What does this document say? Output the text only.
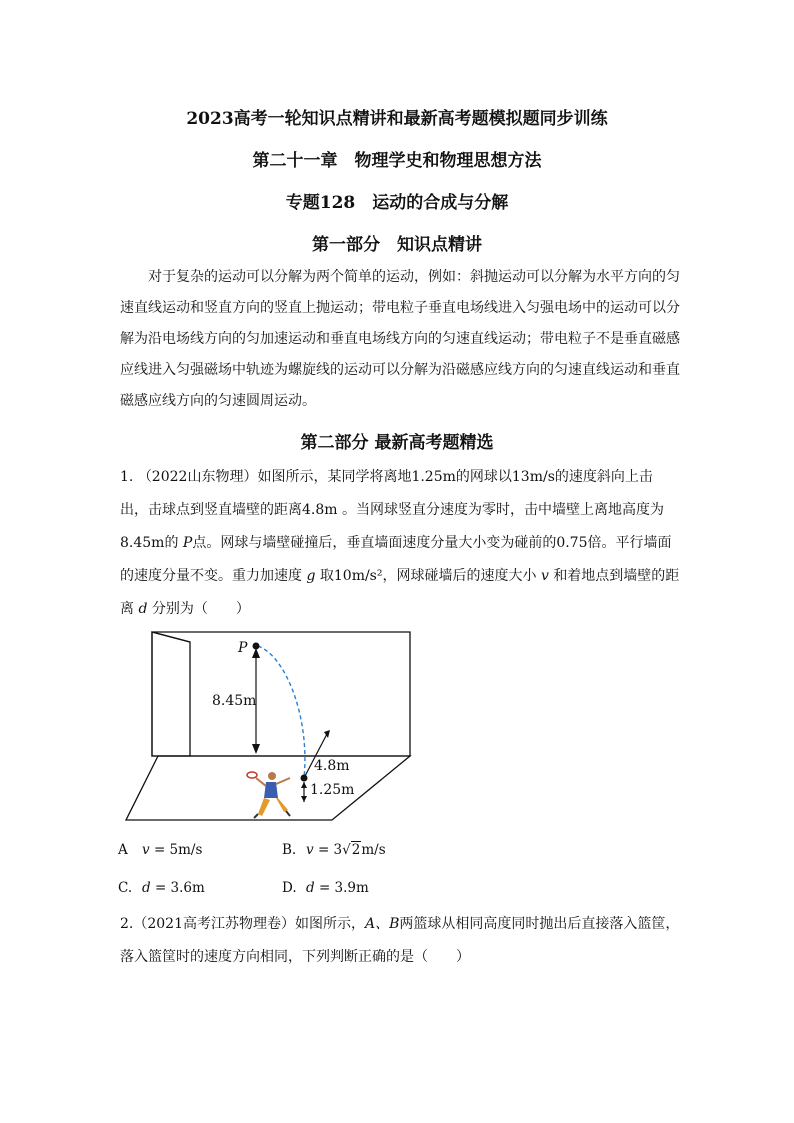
2023高考一轮知识点精讲和最新高考题模拟题同步训练
第二十一章　物理学史和物理思想方法
专题128　运动的合成与分解
第一部分　知识点精讲
对于复杂的运动可以分解为两个简单的运动，例如：斜抛运动可以分解为水平方向的匀速直线运动和竖直方向的竖直上抛运动；带电粒子垂直电场线进入匀强电场中的运动可以分解为沿电场线方向的匀加速运动和垂直电场线方向的匀速直线运动；带电粒子不是垂直磁感应线进入匀强磁场中轨迹为螺旋线的运动可以分解为沿磁感应线方向的匀速直线运动和垂直磁感应线方向的匀速圆周运动。
第二部分 最新高考题精选
1. （2022山东物理）如图所示，某同学将离地1.25m的网球以13m/s的速度斜向上击出，击球点到竖直墙壁的距离4.8m 。当网球竖直分速度为零时，击中墙壁上离地高度为8.45m的 P点。网球与墙壁碰撞后，垂直墙面速度分量大小变为碰前的0.75倍。平行墙面的速度分量不变。重力加速度 g 取10m/s²，网球碰墙后的速度大小 v 和着地点到墙壁的距离 d 分别为（　　）
P
8.45m
4.8m
1.25m
A v = 5m/s	B. v = 3√2m/s
C. d = 3.6m	D. d = 3.9m
2.（2021高考江苏物理卷）如图所示，A、B两篮球从相同高度同时抛出后直接落入篮筐，落入篮筐时的速度方向相同，下列判断正确的是（　　）
